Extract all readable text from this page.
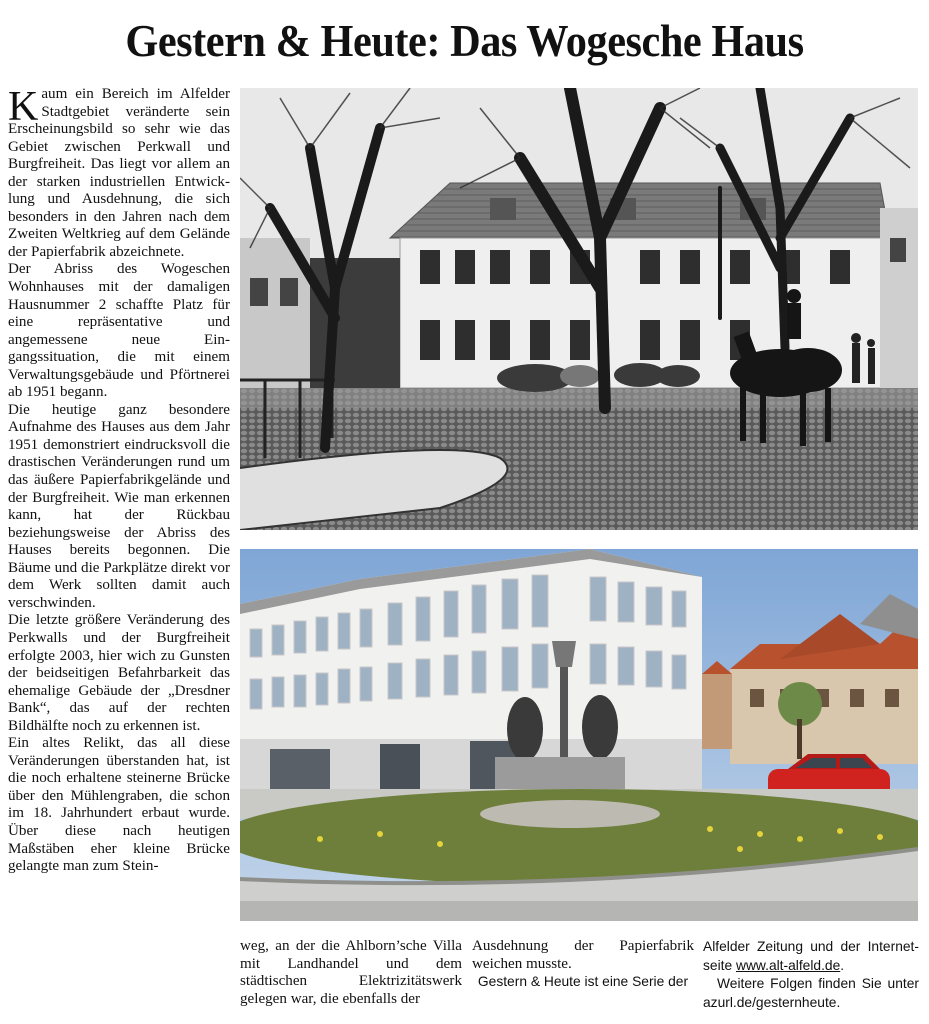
Gestern & Heute: Das Wogesche Haus

Kaum ein Bereich im Alfelder Stadtgebiet veränderte sein Erscheinungsbild so sehr wie das Gebiet zwischen Perkwall und Burgfreiheit. Das liegt vor allem an der starken industriellen Entwicklung und Ausdehnung, die sich besonders in den Jahren nach dem Zweiten Weltkrieg auf dem Gelände der Papierfabrik abzeichnete.

Der Abriss des Wogeschen Wohnhauses mit der damaligen Hausnummer 2 schaffte Platz für eine repräsentative und angemessene neue Eingangssituation, die mit einem Verwaltungsgebäude und Pförtnerei ab 1951 begann.

Die heutige ganz besondere Aufnahme des Hauses aus dem Jahr 1951 demonstriert eindrucksvoll die drastischen Veränderungen rund um das äußere Papierfabrikgelände und der Burgfreiheit. Wie man erkennen kann, hat der Rückbau beziehungsweise der Abriss des Hauses bereits begonnen. Die Bäume und die Parkplätze direkt vor dem Werk sollten damit auch verschwinden.

Die letzte größere Veränderung des Perkwalls und der Burgfreiheit erfolgte 2003, hier wich zu Gunsten der beidseitigen Befahrbarkeit das ehemalige Gebäude der „Dresdner Bank“, das auf der rechten Bildhälfte noch zu erkennen ist.

Ein altes Relikt, das all diese Veränderungen überstanden hat, ist die noch erhaltene steinerne Brücke über den Mühlengraben, die schon im 18. Jahrhundert erbaut wurde. Über diese nach heutigen Maßstäben eher kleine Brücke gelangte man zum Stein-

weg, an der die Ahlborn’sche Villa mit Landhandel und dem städtischen Elektrizitätswerk gelegen war, die ebenfalls der

Ausdehnung der Papierfabrik weichen musste.

Gestern & Heute ist eine Serie der

Alfelder Zeitung und der Internetseite www.alt-alfeld.de.

Weitere Folgen finden Sie unter azurl.de/gesternheute.
